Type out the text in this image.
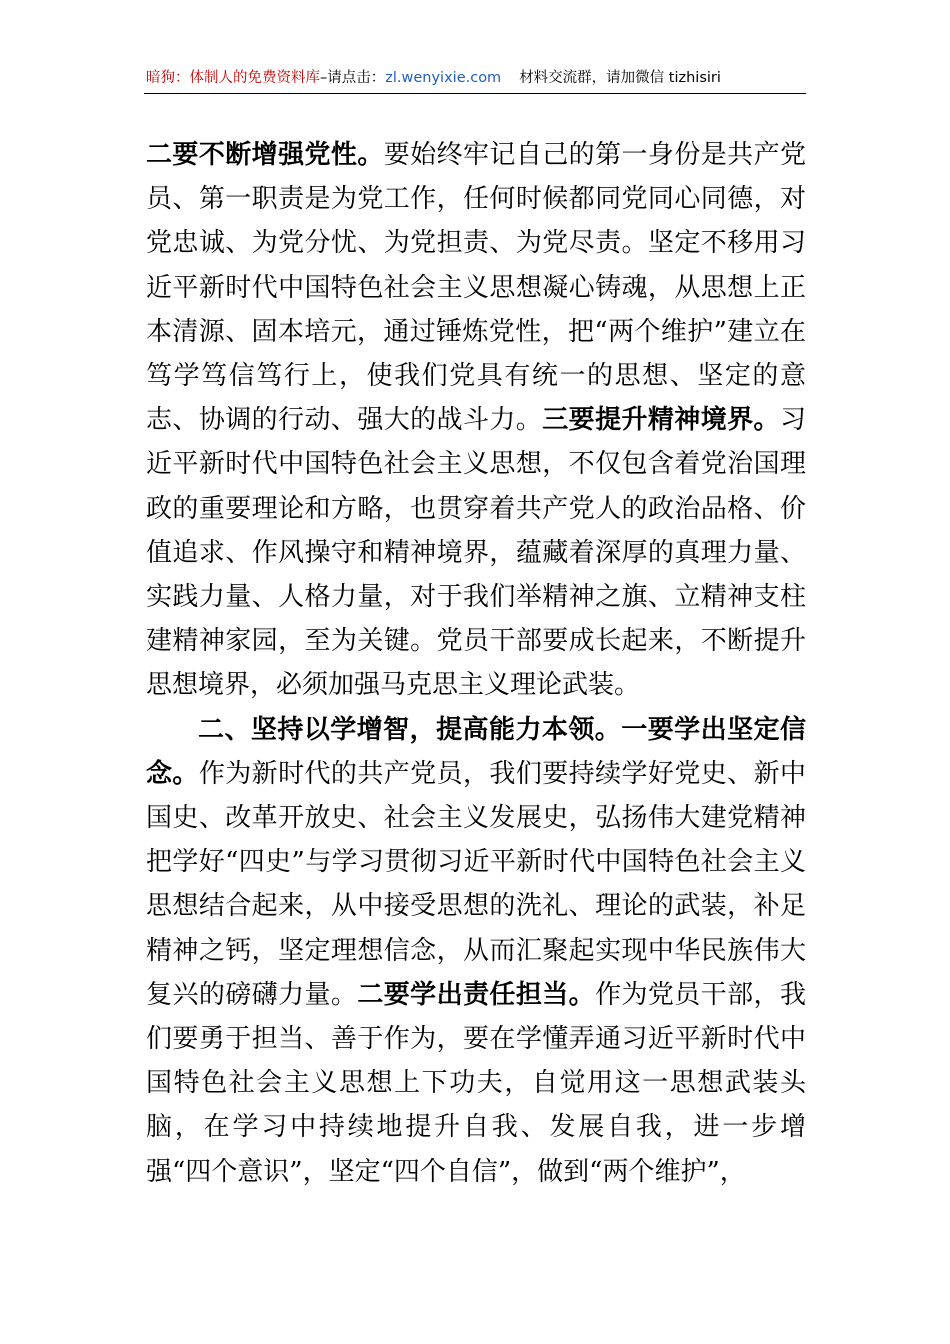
暗狗：体制人的免费资料库–请点击：zl.wenyixie.com 材料交流群，请加微信 tizhisiri

二要不断增强党性。要始终牢记自己的第一身份是共产党员、第一职责是为党工作，任何时候都同党同心同德，对党忠诚、为党分忧、为党担责、为党尽责。坚定不移用习近平新时代中国特色社会主义思想凝心铸魂，从思想上正本清源、固本培元，通过锤炼党性，把“两个维护”建立在笃学笃信笃行上，使我们党具有统一的思想、坚定的意志、协调的行动、强大的战斗力。三要提升精神境界。习近平新时代中国特色社会主义思想，不仅包含着党治国理政的重要理论和方略，也贯穿着共产党人的政治品格、价值追求、作风操守和精神境界，蕴藏着深厚的真理力量、实践力量、人格力量，对于我们举精神之旗、立精神支柱建精神家园，至为关键。党员干部要成长起来，不断提升思想境界，必须加强马克思主义理论武装。

二、坚持以学增智，提高能力本领。一要学出坚定信念。作为新时代的共产党员，我们要持续学好党史、新中国史、改革开放史、社会主义发展史，弘扬伟大建党精神把学好“四史”与学习贯彻习近平新时代中国特色社会主义思想结合起来，从中接受思想的洗礼、理论的武装，补足精神之钙，坚定理想信念，从而汇聚起实现中华民族伟大复兴的磅礴力量。二要学出责任担当。作为党员干部，我们要勇于担当、善于作为，要在学懂弄通习近平新时代中国特色社会主义思想上下功夫，自觉用这一思想武装头脑，在学习中持续地提升自我、发展自我，进一步增强“四个意识”，坚定“四个自信”，做到“两个维护”，
